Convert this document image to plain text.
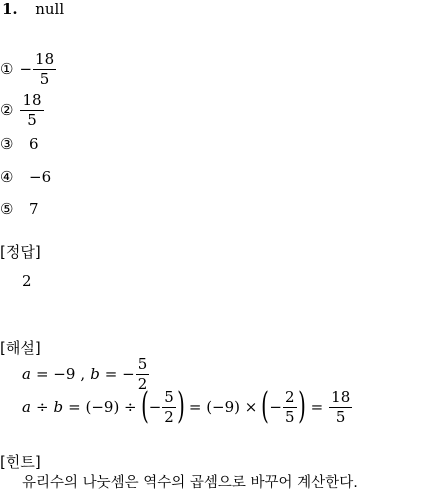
1. null
① − $\frac{18}{5}$
② $\frac{18}{5}$
③ 6
④ −6
⑤ 7
[정답]
2
[해설]
a = −9 , b = − $\frac{5}{2}$
a ÷ b = (−9) ÷ ( − $\frac{5}{2}$ ) = (−9) × ( − $\frac{2}{5}$ ) = $\frac{18}{5}$
[힌트]
유리수의 나눗셈은 역수의 곱셈으로 바꾸어 계산한다.
